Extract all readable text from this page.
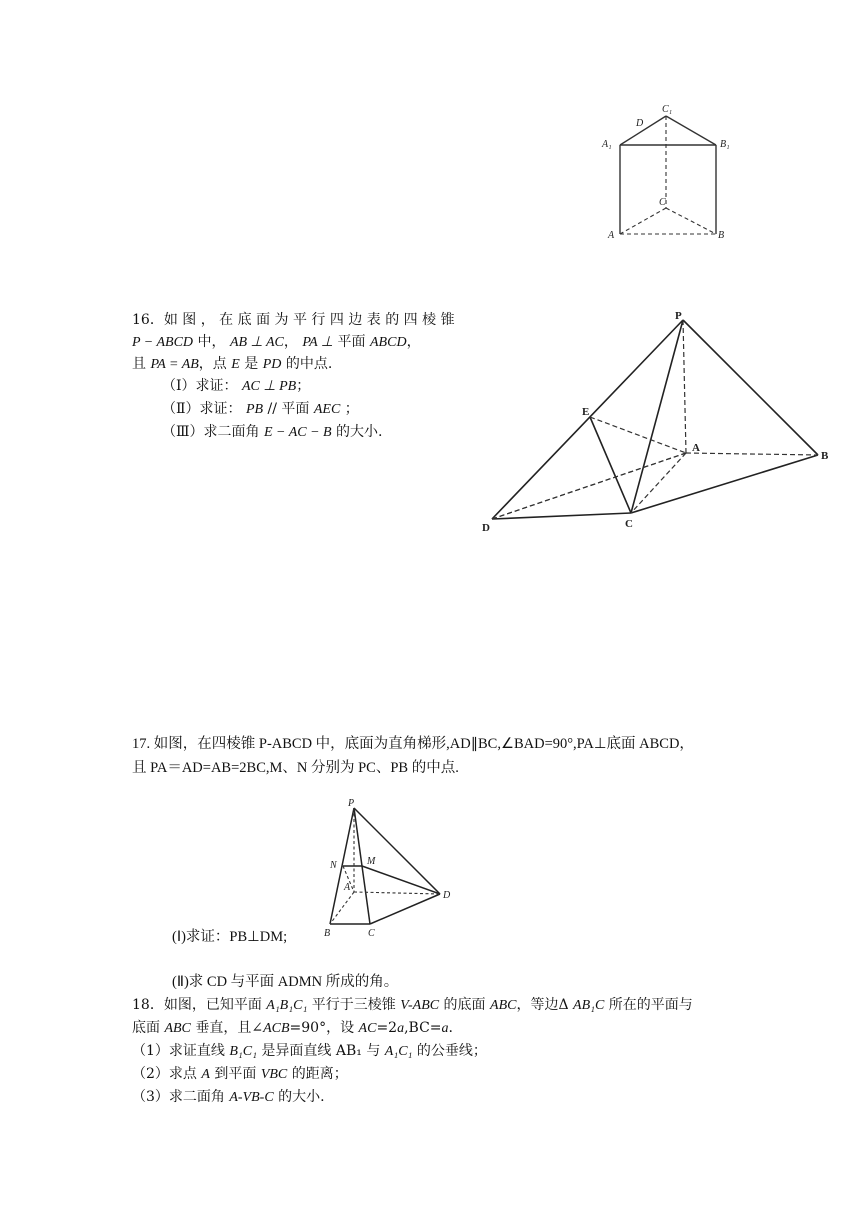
C₁
D
A₁	B₁
C
A	B
16．如 图 ， 在 底 面 为 平 行 四 边 表 的 四 棱 锥
P − ABCD 中， AB ⊥ AC， PA ⊥ 平面 ABCD，
且 PA = AB，点 E 是 PD 的中点.
（Ⅰ）求证： AC ⊥ PB；
（Ⅱ）求证： PB // 平面 AEC ；
（Ⅲ）求二面角 E − AC − B 的大小.
P
E
A
B
D	C
17. 如图，在四棱锥 P-ABCD 中，底面为直角梯形,AD∥BC,∠BAD=90°,PA⊥底面 ABCD，
且 PA＝AD=AB=2BC,M、N 分别为 PC、PB 的中点.
P
N	M
A
D
B	C
(Ⅰ)求证：PB⊥DM;
(Ⅱ)求 CD 与平面 ADMN 所成的角。
18．如图，已知平面 A₁B₁C₁ 平行于三棱锥 V-ABC 的底面 ABC，等边Δ AB₁C 所在的平面与
底面 ABC 垂直，且∠ACB=90°，设 AC=2a,BC=a.
（1）求证直线 B₁C₁ 是异面直线 AB₁ 与 A₁C₁ 的公垂线；
（2）求点 A 到平面 VBC 的距离；
（3）求二面角 A-VB-C 的大小.
